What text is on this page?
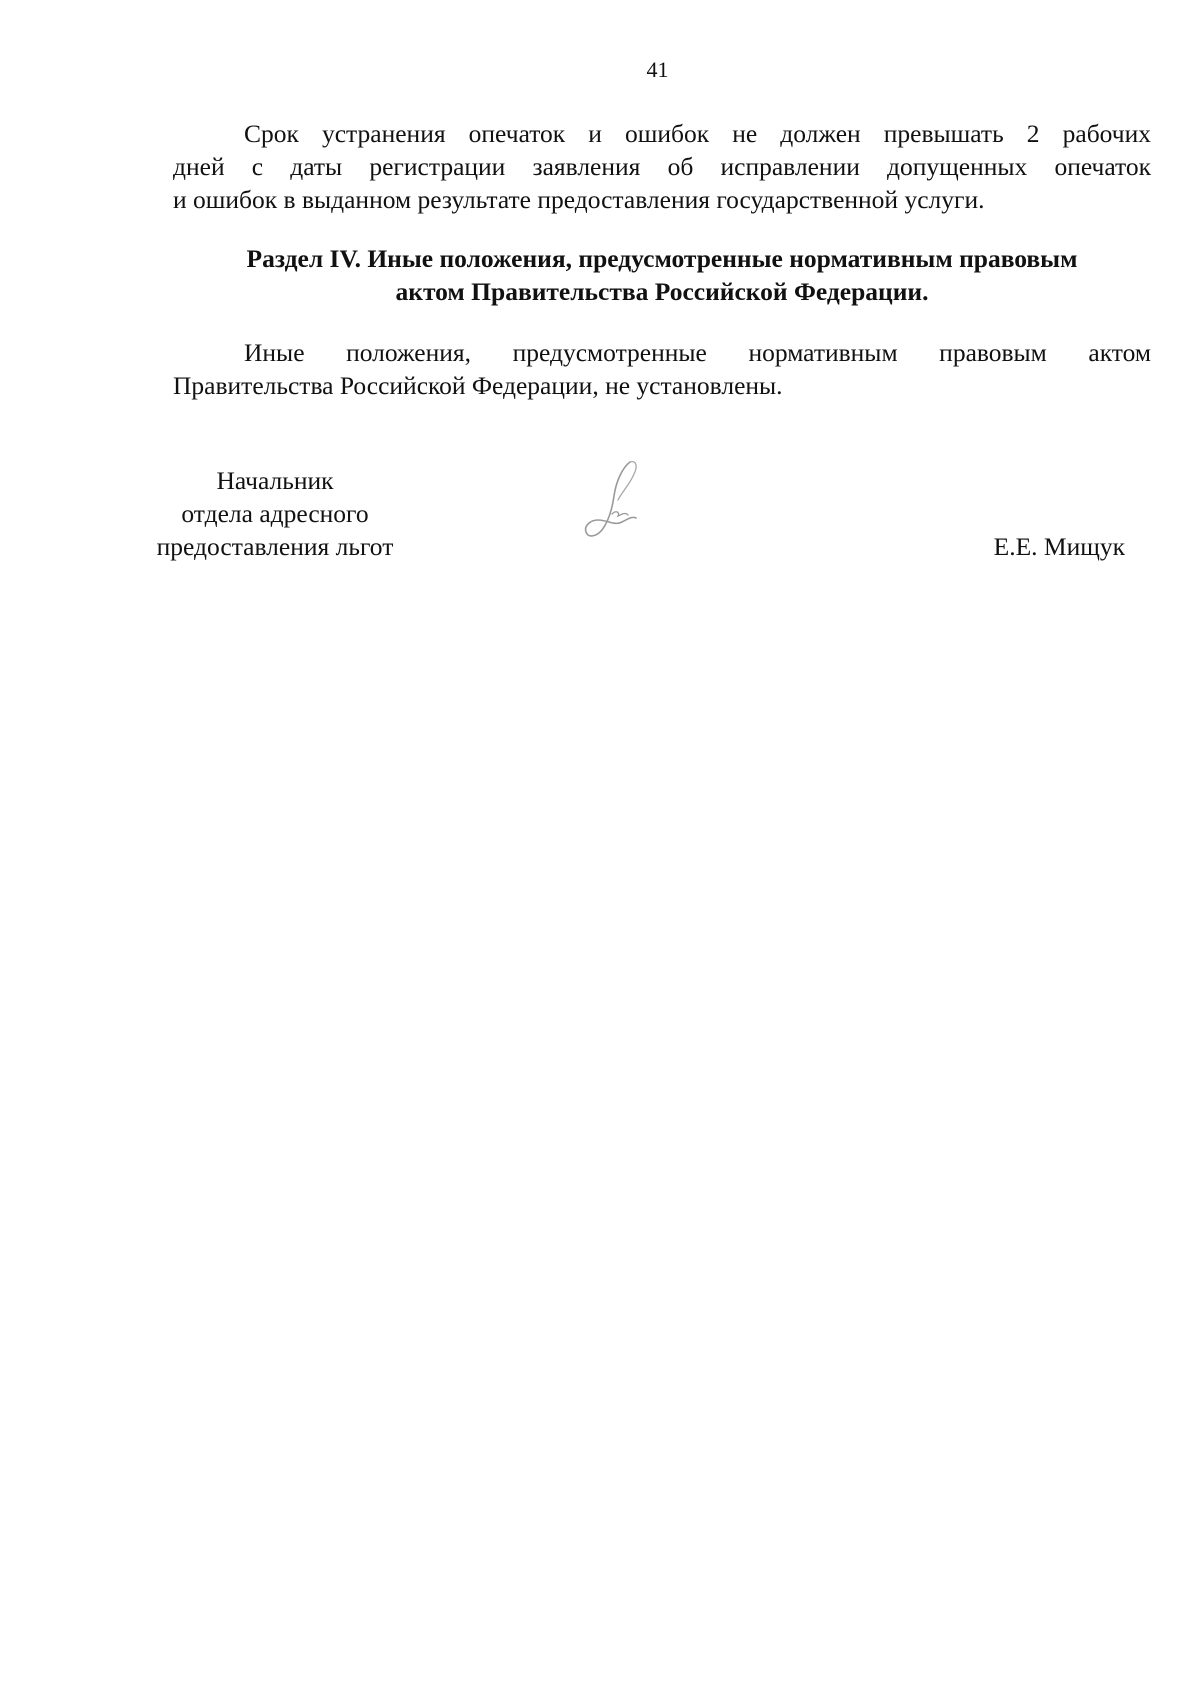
41

Срок устранения опечаток и ошибок не должен превышать 2 рабочих
дней с даты регистрации заявления об исправлении допущенных опечаток
и ошибок в выданном результате предоставления государственной услуги.

Раздел IV. Иные положения, предусмотренные нормативным правовым
актом Правительства Российской Федерации.

Иные положения, предусмотренные нормативным правовым актом
Правительства Российской Федерации, не установлены.

Начальник
отдела адресного
предоставления льгот	Е.Е. Мищук
